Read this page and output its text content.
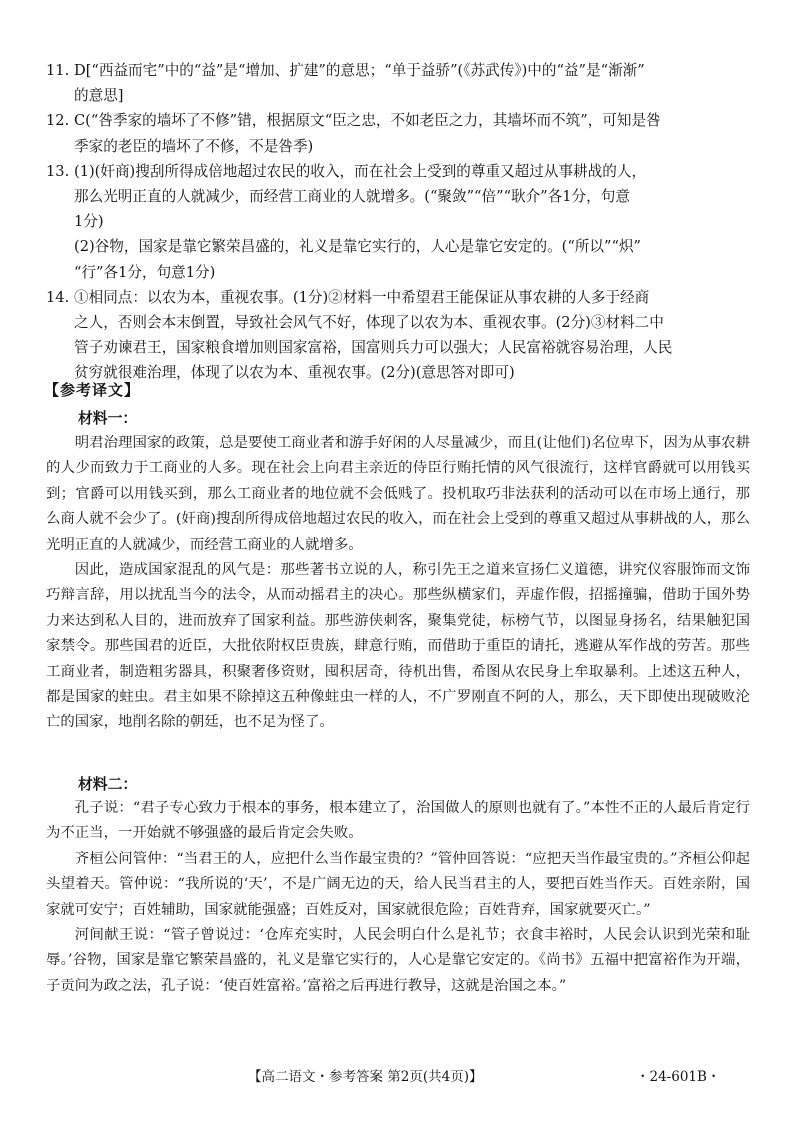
11. D[“西益而宅”中的“益”是“增加、扩建”的意思；“单于益骄”(《苏武传》)中的“益”是“渐渐”
的意思]
12. C(“咎季家的墙坏了不修”错，根据原文“臣之忠，不如老臣之力，其墙坏而不筑”，可知是咎
季家的老臣的墙坏了不修，不是咎季)
13. (1)(奸商)搜刮所得成倍地超过农民的收入，而在社会上受到的尊重又超过从事耕战的人，
那么光明正直的人就减少，而经营工商业的人就增多。(“聚敛”“倍”“耿介”各1分，句意
1分)
(2)谷物，国家是靠它繁荣昌盛的，礼义是靠它实行的，人心是靠它安定的。(“所以”“炽”
“行”各1分，句意1分)
14. ①相同点：以农为本，重视农事。(1分)②材料一中希望君王能保证从事农耕的人多于经商
之人，否则会本末倒置，导致社会风气不好，体现了以农为本、重视农事。(2分)③材料二中
管子劝谏君王，国家粮食增加则国家富裕，国富则兵力可以强大；人民富裕就容易治理，人民
贫穷就很难治理，体现了以农为本、重视农事。(2分)(意思答对即可)
【参考译文】
材料一：

明君治理国家的政策，总是要使工商业者和游手好闲的人尽量减少，而且(让他们)名位卑下，因为从事农耕的人少而致力于工商业的人多。现在社会上向君主亲近的侍臣行贿托情的风气很流行，这样官爵就可以用钱买到；官爵可以用钱买到，那么工商业者的地位就不会低贱了。投机取巧非法获利的活动可以在市场上通行，那么商人就不会少了。(奸商)搜刮所得成倍地超过农民的收入，而在社会上受到的尊重又超过从事耕战的人，那么光明正直的人就减少，而经营工商业的人就增多。

因此，造成国家混乱的风气是：那些著书立说的人，称引先王之道来宣扬仁义道德，讲究仪容服饰而文饰巧辩言辞，用以扰乱当今的法令，从而动摇君主的决心。那些纵横家们，弄虚作假，招摇撞骗，借助于国外势力来达到私人目的，进而放弃了国家利益。那些游侠刺客，聚集党徒，标榜气节，以图显身扬名，结果触犯国家禁令。那些国君的近臣，大批依附权臣贵族，肆意行贿，而借助于重臣的请托，逃避从军作战的劳苦。那些工商业者，制造粗劣器具，积聚奢侈资财，囤积居奇，待机出售，希图从农民身上牟取暴利。上述这五种人，都是国家的蛀虫。君主如果不除掉这五种像蛀虫一样的人，不广罗刚直不阿的人，那么，天下即使出现破败沦亡的国家，地削名除的朝廷，也不足为怪了。

材料二：

孔子说：“君子专心致力于根本的事务，根本建立了，治国做人的原则也就有了。”本性不正的人最后肯定行为不正当，一开始就不够强盛的最后肯定会失败。

齐桓公问管仲：“当君王的人，应把什么当作最宝贵的？”管仲回答说：“应把天当作最宝贵的。”齐桓公仰起头望着天。管仲说：“我所说的‘天’，不是广阔无边的天，给人民当君主的人，要把百姓当作天。百姓亲附，国家就可安宁；百姓辅助，国家就能强盛；百姓反对，国家就很危险；百姓背弃，国家就要灭亡。”

河间献王说：“管子曾说过：‘仓库充实时，人民会明白什么是礼节；衣食丰裕时，人民会认识到光荣和耻辱。’谷物，国家是靠它繁荣昌盛的，礼义是靠它实行的，人心是靠它安定的。《尚书》五福中把富裕作为开端，子贡问为政之法，孔子说：‘使百姓富裕。’富裕之后再进行教导，这就是治国之本。”

【高二语文・参考答案 第2页(共4页)】	・24-601B・
